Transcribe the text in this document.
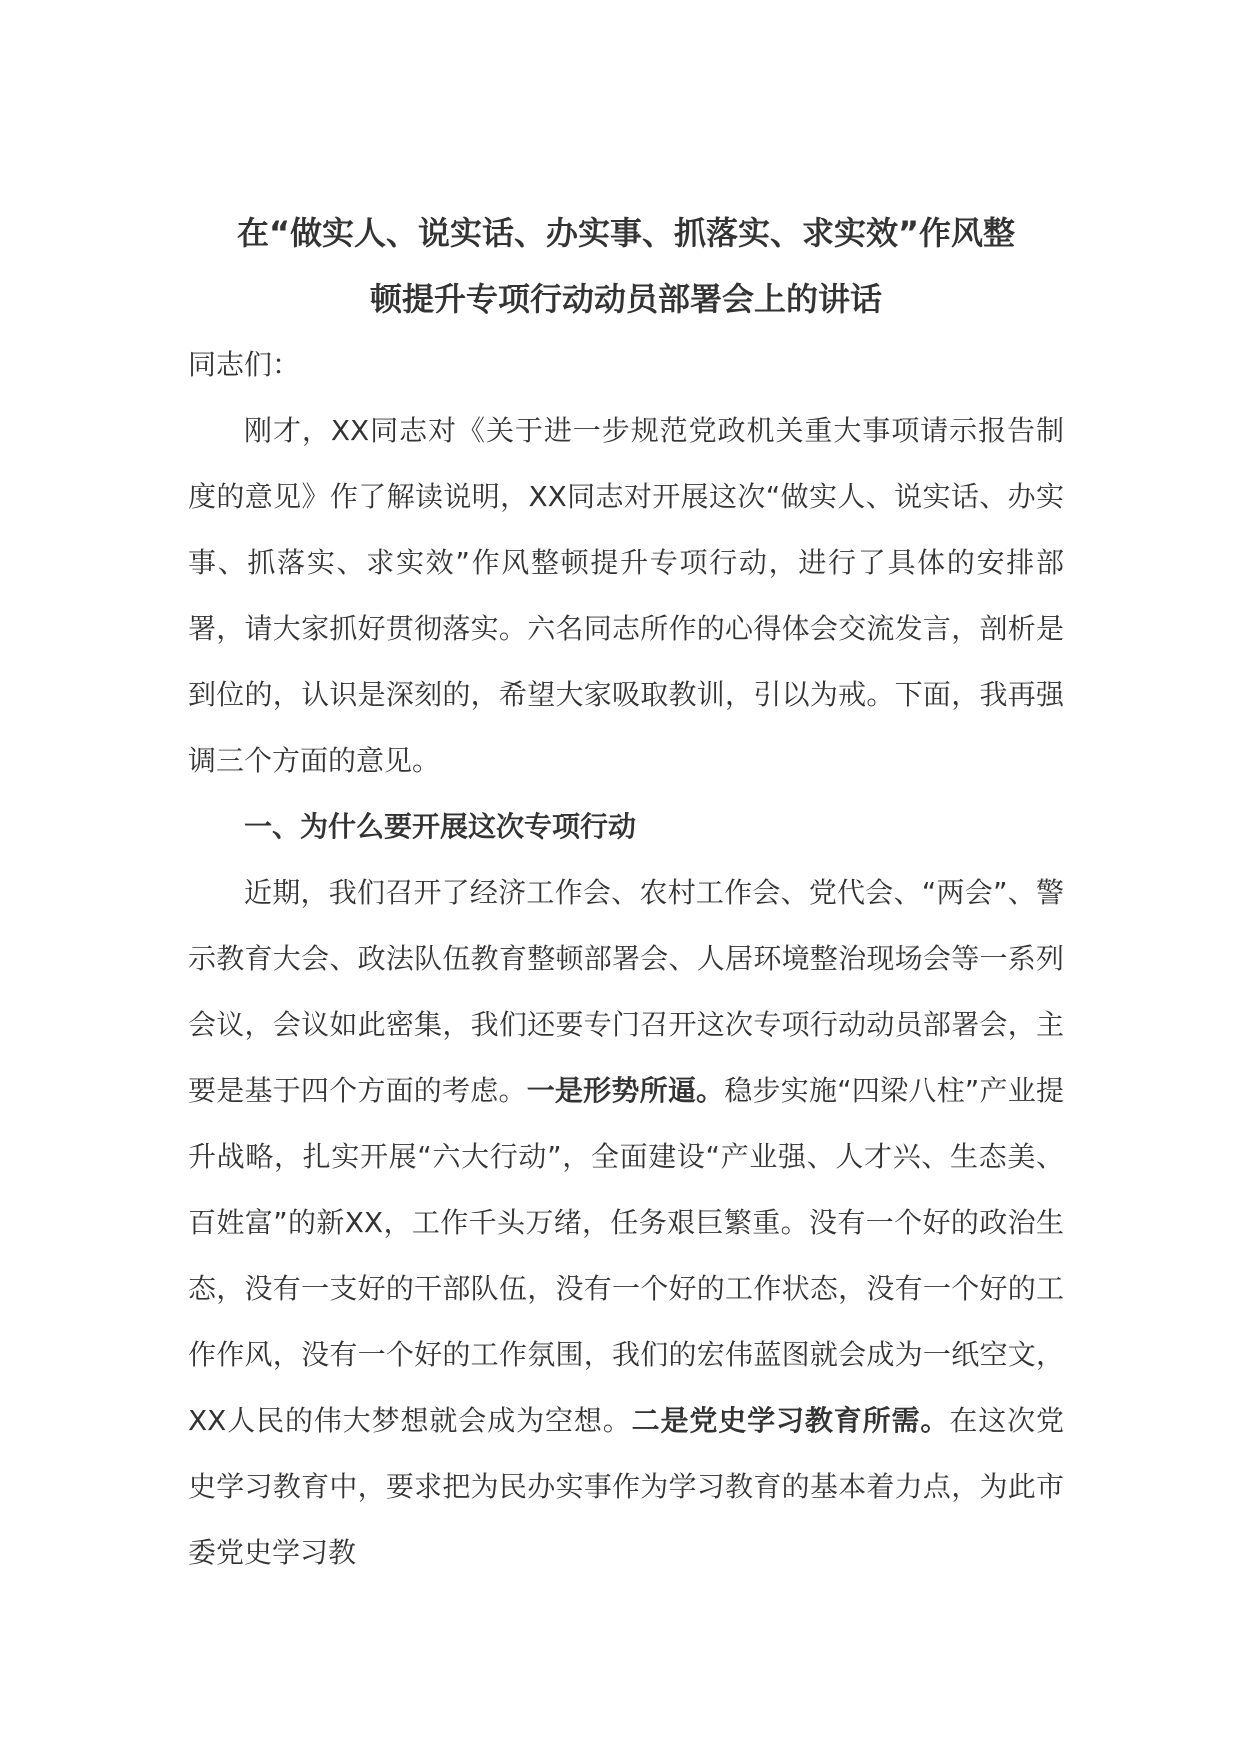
在“做实人、说实话、办实事、抓落实、求实效”作风整
顿提升专项行动动员部署会上的讲话

同志们：

刚才，XX同志对《关于进一步规范党政机关重大事项请示报告制度的意见》作了解读说明，XX同志对开展这次“做实人、说实话、办实事、抓落实、求实效”作风整顿提升专项行动，进行了具体的安排部署，请大家抓好贯彻落实。六名同志所作的心得体会交流发言，剖析是到位的，认识是深刻的，希望大家吸取教训，引以为戒。下面，我再强调三个方面的意见。

一、为什么要开展这次专项行动

近期，我们召开了经济工作会、农村工作会、党代会、“两会”、警示教育大会、政法队伍教育整顿部署会、人居环境整治现场会等一系列会议，会议如此密集，我们还要专门召开这次专项行动动员部署会，主要是基于四个方面的考虑。一是形势所逼。稳步实施“四梁八柱”产业提升战略，扎实开展“六大行动”，全面建设“产业强、人才兴、生态美、百姓富”的新XX，工作千头万绪，任务艰巨繁重。没有一个好的政治生态，没有一支好的干部队伍，没有一个好的工作状态，没有一个好的工作作风，没有一个好的工作氛围，我们的宏伟蓝图就会成为一纸空文，XX人民的伟大梦想就会成为空想。二是党史学习教育所需。在这次党史学习教育中，要求把为民办实事作为学习教育的基本着力点，为此市委党史学习教
